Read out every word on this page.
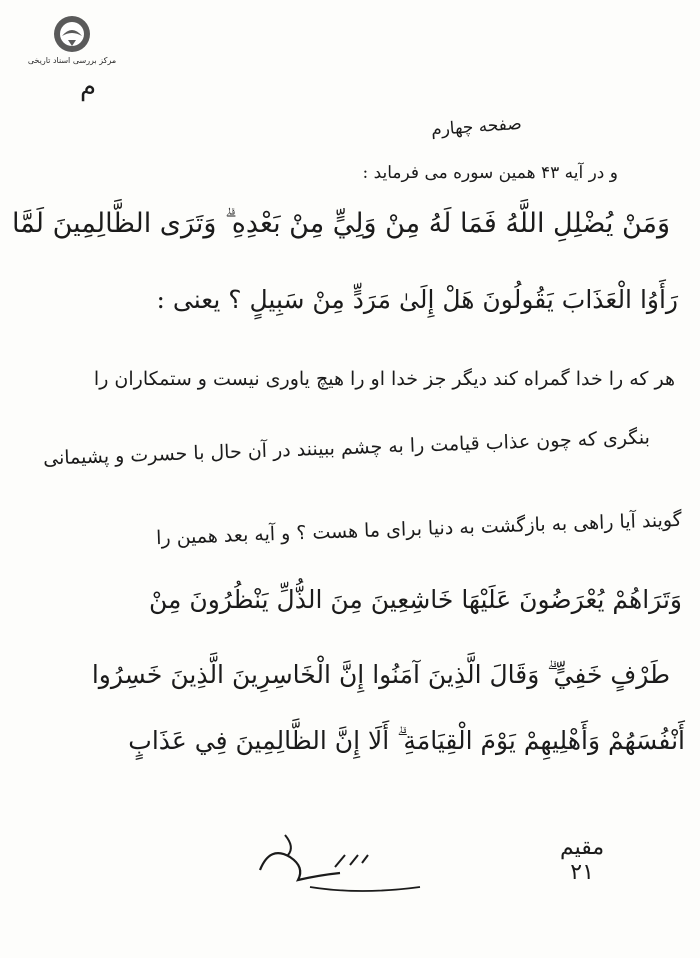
مرکز بررسی اسناد تاریخی
م
صفحه چهارم
و در آیه ۴۳ همین سوره می فرماید :
وَمَنْ يُضْلِلِ اللَّهُ فَمَا لَهُ مِنْ وَلِيٍّ مِنْ بَعْدِهِ ۗ وَتَرَى الظَّالِمِينَ لَمَّا
رَأَوُا الْعَذَابَ يَقُولُونَ هَلْ إِلَىٰ مَرَدٍّ مِنْ سَبِيلٍ ؟ يعنی :
هر که را خدا گمراه کند دیگر جز خدا او را هیچ یاوری نیست و ستمکاران را
بنگری که چون عذاب قیامت را به چشم ببینند در آن حال با حسرت و پشیمانی
گویند آیا راهی به بازگشت به دنیا برای ما هست ؟ و آیه بعد همین را
وَتَرَاهُمْ يُعْرَضُونَ عَلَيْهَا خَاشِعِينَ مِنَ الذُّلِّ يَنْظُرُونَ مِنْ
طَرْفٍ خَفِيٍّ ۗ وَقَالَ الَّذِينَ آمَنُوا إِنَّ الْخَاسِرِينَ الَّذِينَ خَسِرُوا
أَنْفُسَهُمْ وَأَهْلِيهِمْ يَوْمَ الْقِيَامَةِ ۗ أَلَا إِنَّ الظَّالِمِينَ فِي عَذَابٍ
مقیم
۲۱
